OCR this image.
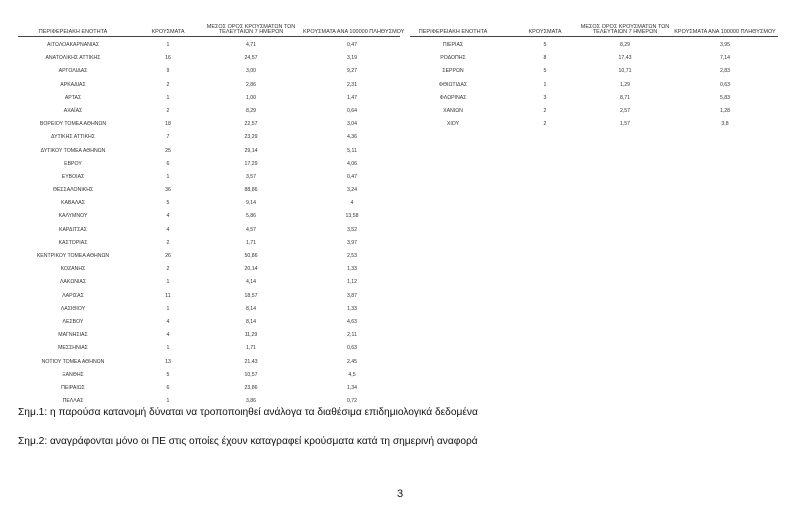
ΠΕΡΙΦΕΡΕΙΑΚΗ ΕΝΟΤΗΤΑ	ΚΡΟΥΣΜΑΤΑ
ΜΕΣΟΣ ΟΡΟΣ ΚΡΟΥΣΜΑΤΩΝ ΤΩΝ
ΤΕΛΕΥΤΑΙΩΝ 7 ΗΜΕΡΩΝ	ΚΡΟΥΣΜΑΤΑ ΑΝΑ 100000 ΠΛΗΘΥΣΜΟΥ
ΑΙΤΩΛΟΑΚΑΡΝΑΝΙΑΣ	1	4,71	0,47
ΑΝΑΤΟΛΙΚΗΣ ΑΤΤΙΚΗΣ	16	24,57	3,19
ΑΡΓΟΛΙΔΑΣ	9	3,00	9,27
ΑΡΚΑΔΙΑΣ	2	2,86	2,31
ΑΡΤΑΣ	1	1,00	1,47
ΑΧΑΪΑΣ	2	8,29	0,64
ΒΟΡΕΙΟΥ ΤΟΜΕΑ ΑΘΗΝΩΝ	18	22,57	3,04
ΔΥΤΙΚΗΣ ΑΤΤΙΚΗΣ	7	23,29	4,36
ΔΥΤΙΚΟΥ ΤΟΜΕΑ ΑΘΗΝΩΝ	25	29,14	5,11
ΕΒΡΟΥ	6	17,29	4,06
ΕΥΒΟΙΑΣ	1	3,57	0,47
ΘΕΣΣΑΛΟΝΙΚΗΣ	36	88,86	3,24
ΚΑΒΑΛΑΣ	5	9,14	4
ΚΑΛΥΜΝΟΥ	4	5,86	13,58
ΚΑΡΔΙΤΣΑΣ	4	4,57	3,52
ΚΑΣΤΟΡΙΑΣ	2	1,71	3,97
ΚΕΝΤΡΙΚΟΥ ΤΟΜΕΑ ΑΘΗΝΩΝ	26	50,86	2,53
ΚΟΖΑΝΗΣ	2	20,14	1,33
ΛΑΚΩΝΙΑΣ	1	4,14	1,12
ΛΑΡΙΣΑΣ	11	18,57	3,87
ΛΑΣΙΘΙΟΥ	1	8,14	1,33
ΛΕΣΒΟΥ	4	8,14	4,63
ΜΑΓΝΗΣΙΑΣ	4	11,29	2,11
ΜΕΣΣΗΝΙΑΣ	1	1,71	0,63
ΝΟΤΙΟΥ ΤΟΜΕΑ ΑΘΗΝΩΝ	13	21,43	2,45
ΞΑΝΘΗΣ	5	10,57	4,5
ΠΕΙΡΑΙΩΣ	6	23,86	1,34
ΠΕΛΛΑΣ	1	3,86	0,72
ΠΕΡΙΦΕΡΕΙΑΚΗ ΕΝΟΤΗΤΑ	ΚΡΟΥΣΜΑΤΑ
ΜΕΣΟΣ ΟΡΟΣ ΚΡΟΥΣΜΑΤΩΝ ΤΩΝ
ΤΕΛΕΥΤΑΙΩΝ 7 ΗΜΕΡΩΝ	ΚΡΟΥΣΜΑΤΑ ΑΝΑ 100000 ΠΛΗΘΥΣΜΟΥ
ΠΙΕΡΙΑΣ	5	8,29	3,95
ΡΟΔΟΠΗΣ	8	17,43	7,14
ΣΕΡΡΩΝ	5	10,71	2,83
ΦΘΙΩΤΙΔΑΣ	1	1,29	0,63
ΦΛΩΡΙΝΑΣ	3	8,71	5,83
ΧΑΝΙΩΝ	2	2,57	1,28
ΧΙΟΥ	2	1,57	3,8
Σημ.1: η παρούσα κατανομή δύναται να τροποποιηθεί ανάλογα τα διαθέσιμα επιδημιολογικά δεδομένα
Σημ.2: αναγράφονται μόνο οι ΠΕ στις οποίες έχουν καταγραφεί κρούσματα κατά τη σημερινή αναφορά
3
